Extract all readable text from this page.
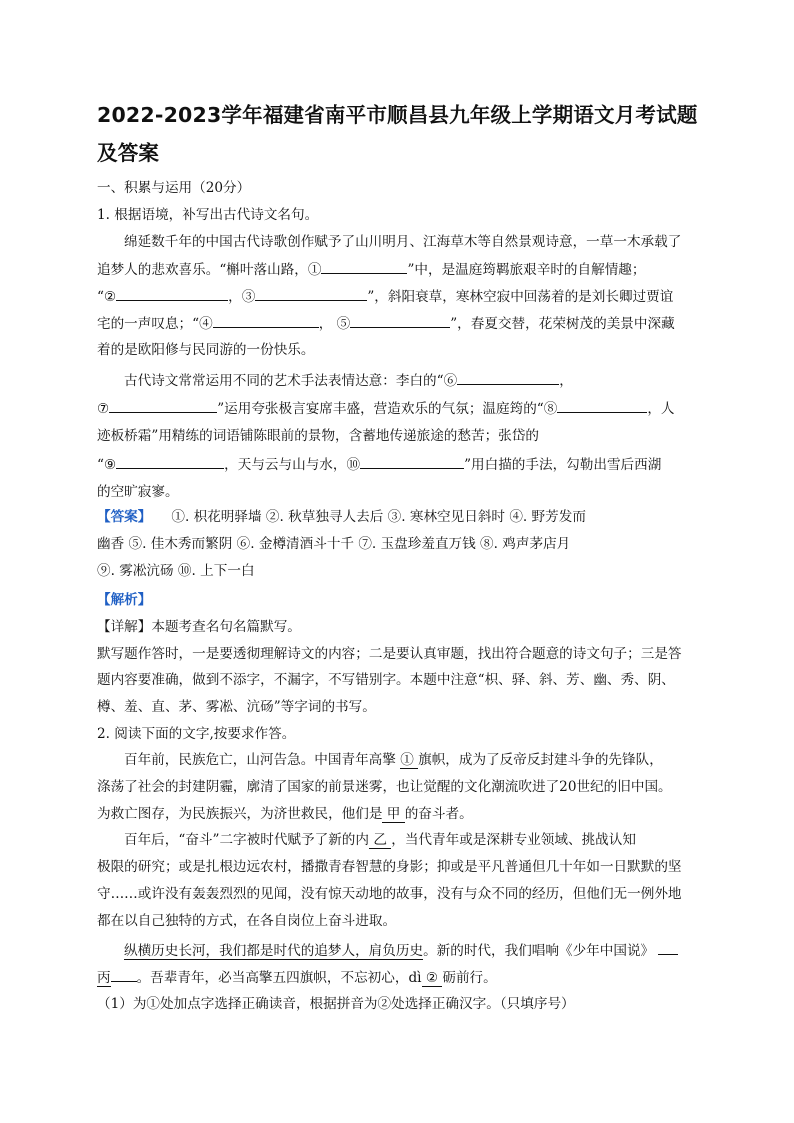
2022-2023学年福建省南平市顺昌县九年级上学期语文月考试题
及答案
一、积累与运用（20分）
1. 根据语境，补写出古代诗文名句。
绵延数千年的中国古代诗歌创作赋予了山川明月、江海草木等自然景观诗意，一草一木承载了
追梦人的悲欢喜乐。“槲叶落山路，①	”中，是温庭筠羁旅艰辛时的自解情趣；
“②	，③	”，斜阳衰草，寒林空寂中回荡着的是刘长卿过贾谊
宅的一声叹息；“④	， ⑤	”，春夏交替，花荣树茂的美景中深藏
着的是欧阳修与民同游的一份快乐。
古代诗文常常运用不同的艺术手法表情达意：李白的“⑥	，
⑦	”运用夸张极言宴席丰盛，营造欢乐的气氛；温庭筠的“⑧	，人
迹板桥霜”用精练的词语铺陈眼前的景物，含蓄地传递旅途的愁苦；张岱的
“⑨	，天与云与山与水，⑩	”用白描的手法，勾勒出雪后西湖
的空旷寂寥。
【答案】 ①. 枳花明驿墙 ②. 秋草独寻人去后 ③. 寒林空见日斜时 ④. 野芳发而
幽香 ⑤. 佳木秀而繁阴 ⑥. 金樽清酒斗十千 ⑦. 玉盘珍羞直万钱 ⑧. 鸡声茅店月
⑨. 雾凇沆砀 ⑩. 上下一白
【解析】
【详解】本题考查名句名篇默写。
默写题作答时，一是要透彻理解诗文的内容；二是要认真审题，找出符合题意的诗文句子；三是答
题内容要准确，做到不添字，不漏字，不写错别字。本题中注意“枳、驿、斜、芳、幽、秀、阴、
樽、羞、直、茅、雾凇、沆砀”等字词的书写。
2. 阅读下面的文字,按要求作答。
百年前，民族危亡，山河告急。中国青年高擎 ① 旗帜，成为了反帝反封建斗争的先锋队，
涤荡了社会的封建阴霾，廓清了国家的前景迷雾，也让觉醒的文化潮流吹进了20世纪的旧中国。
为救亡图存，为民族振兴，为济世救民，他们是 甲 的奋斗者。
百年后，“奋斗”二字被时代赋予了新的内 乙 ，当代青年或是深耕专业领域、挑战认知
极限的研究；或是扎根边远农村，播撒青春智慧的身影；抑或是平凡普通但几十年如一日默默的坚
守……或许没有轰轰烈烈的见闻，没有惊天动地的故事，没有与众不同的经历，但他们无一例外地
都在以自己独特的方式，在各自岗位上奋斗进取。
纵横历史长河，我们都是时代的追梦人，肩负历史。新的时代，我们唱响《少年中国说》
丙 。吾辈青年，必当高擎五四旗帜，不忘初心，dì ② 砺前行。
（1）为①处加点字选择正确读音，根据拼音为②处选择正确汉字。（只填序号）
